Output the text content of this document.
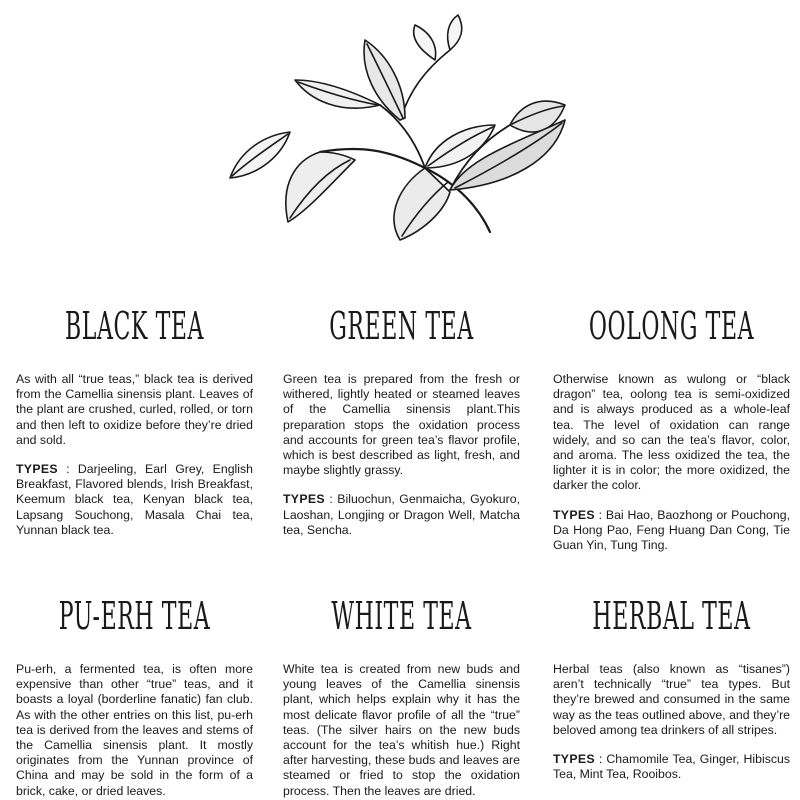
BLACK TEA

As with all “true teas,” black tea is derived from the Camellia sinensis plant. Leaves of the plant are crushed, curled, rolled, or torn and then left to oxidize before they’re dried and sold.

TYPES : Darjeeling, Earl Grey, English Breakfast, Flavored blends, Irish Breakfast, Keemum black tea, Kenyan black tea, Lapsang Souchong, Masala Chai tea, Yunnan black tea.

GREEN TEA

Green tea is prepared from the fresh or withered, lightly heated or steamed leaves of the Camellia sinensis plant.This preparation stops the oxidation process and accounts for green tea’s flavor profile, which is best described as light, fresh, and maybe slightly grassy.

TYPES : Biluochun, Genmaicha, Gyokuro, Laoshan, Longjing or Dragon Well, Matcha tea, Sencha.

OOLONG TEA

Otherwise known as wulong or “black dragon” tea, oolong tea is semi-oxidized and is always produced as a whole-leaf tea. The level of oxidation can range widely, and so can the tea’s flavor, color, and aroma. The less oxidized the tea, the lighter it is in color; the more oxidized, the darker the color.

TYPES : Bai Hao, Baozhong or Pouchong, Da Hong Pao, Feng Huang Dan Cong, Tie Guan Yin, Tung Ting.

PU-ERH TEA

Pu-erh, a fermented tea, is often more expensive than other “true” teas, and it boasts a loyal (borderline fanatic) fan club. As with the other entries on this list, pu-erh tea is derived from the leaves and stems of the Camellia sinensis plant. It mostly originates from the Yunnan province of China and may be sold in the form of a brick, cake, or dried leaves.

WHITE TEA

White tea is created from new buds and young leaves of the Camellia sinensis plant, which helps explain why it has the most delicate flavor profile of all the “true” teas. (The silver hairs on the new buds account for the tea’s whitish hue.) Right after harvesting, these buds and leaves are steamed or fried to stop the oxidation process. Then the leaves are dried.

HERBAL TEA

Herbal teas (also known as “tisanes”) aren’t technically “true” tea types. But they’re brewed and consumed in the same way as the teas outlined above, and they’re beloved among tea drinkers of all stripes.

TYPES : Chamomile Tea, Ginger, Hibiscus Tea, Mint Tea, Rooibos.
